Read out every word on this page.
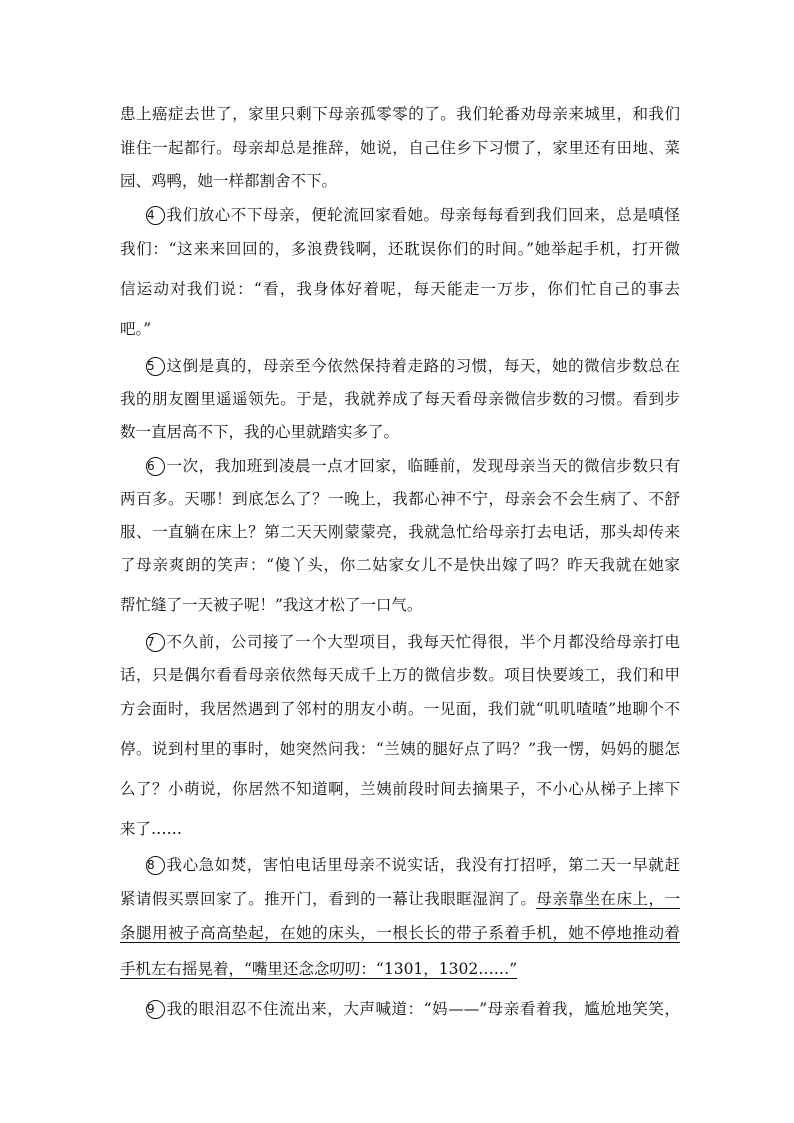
患上癌症去世了，家里只剩下母亲孤零零的了。我们轮番劝母亲来城里，和我们
谁住一起都行。母亲却总是推辞，她说，自己住乡下习惯了，家里还有田地、菜
园、鸡鸭，她一样都割舍不下。
4 我们放心不下母亲，便轮流回家看她。母亲每每看到我们回来，总是嗔怪
我们：“这来来回回的，多浪费钱啊，还耽误你们的时间。”她举起手机，打开微
信运动对我们说：“看，我身体好着呢，每天能走一万步，你们忙自己的事去
吧。”
5 这倒是真的，母亲至今依然保持着走路的习惯，每天，她的微信步数总在
我的朋友圈里遥遥领先。于是，我就养成了每天看母亲微信步数的习惯。看到步
数一直居高不下，我的心里就踏实多了。
6 一次，我加班到凌晨一点才回家，临睡前，发现母亲当天的微信步数只有
两百多。天哪！到底怎么了？一晚上，我都心神不宁，母亲会不会生病了、不舒
服、一直躺在床上？第二天天刚蒙蒙亮，我就急忙给母亲打去电话，那头却传来
了母亲爽朗的笑声：“傻丫头，你二姑家女儿不是快出嫁了吗？昨天我就在她家
帮忙缝了一天被子呢！”我这才松了一口气。
7 不久前，公司接了一个大型项目，我每天忙得很，半个月都没给母亲打电
话，只是偶尔看看母亲依然每天成千上万的微信步数。项目快要竣工，我们和甲
方会面时，我居然遇到了邻村的朋友小萌。一见面，我们就“叽叽喳喳”地聊个不
停。说到村里的事时，她突然问我：“兰姨的腿好点了吗？”我一愣，妈妈的腿怎
么了？小萌说，你居然不知道啊，兰姨前段时间去摘果子，不小心从梯子上摔下
来了……
8 我心急如焚，害怕电话里母亲不说实话，我没有打招呼，第二天一早就赶
紧请假买票回家了。推开门，看到的一幕让我眼眶湿润了。母亲靠坐在床上，一
条腿用被子高高垫起，在她的床头，一根长长的带子系着手机，她不停地推动着
手机左右摇晃着，“嘴里还念念叨叨：“1301，1302……”
9 我的眼泪忍不住流出来，大声喊道：“妈——”母亲看着我，尴尬地笑笑，
